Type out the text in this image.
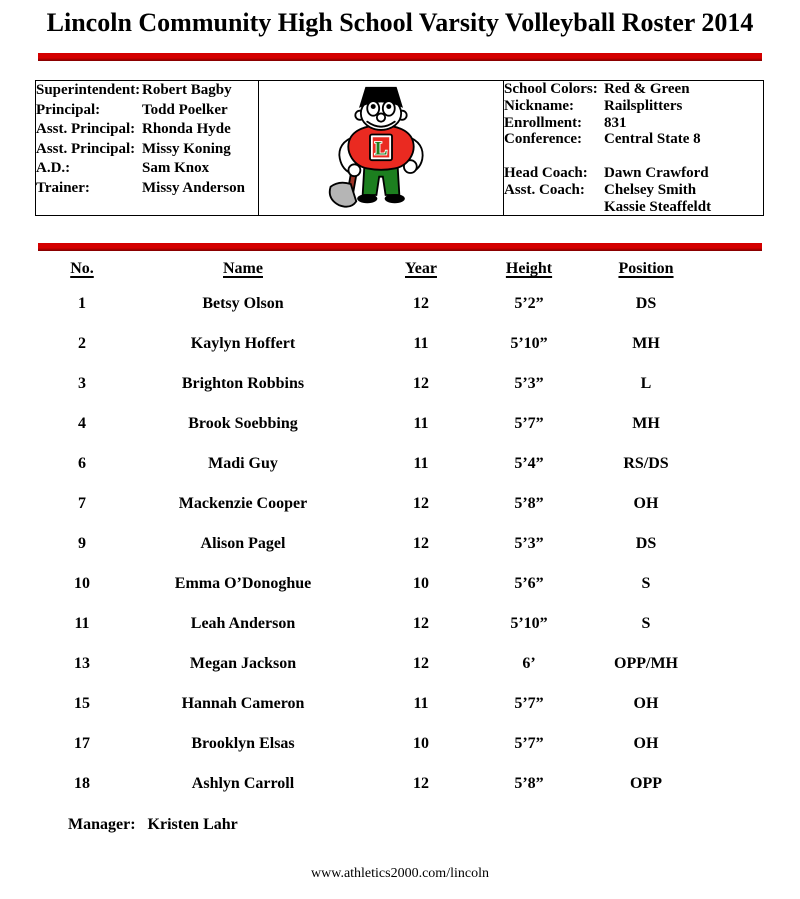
Lincoln Community High School Varsity Volleyball Roster 2014
Superintendent: Robert Bagby
Principal:	Todd Poelker
Asst. Principal: Rhonda Hyde
Asst. Principal: Missy Koning
A.D.:	Sam Knox
Trainer:	Missy Anderson

L

School Colors: Red & Green
Nickname:	Railsplitters
Enrollment:	831
Conference:	Central State 8
Head Coach:	Dawn Crawford
Asst. Coach:	Chelsey Smith
Kassie Steaffeldt
No.	Name	Year	Height	Position
1	Betsy Olson	12	5’2”	DS
2	Kaylyn Hoffert	11	5’10”	MH
3	Brighton Robbins	12	5’3”	L
4	Brook Soebbing	11	5’7”	MH
6	Madi Guy	11	5’4”	RS/DS
7	Mackenzie Cooper	12	5’8”	OH
9	Alison Pagel	12	5’3”	DS
10	Emma O’Donoghue	10	5’6”	S
11	Leah Anderson	12	5’10”	S
13	Megan Jackson	12	6’	OPP/MH
15	Hannah Cameron	11	5’7”	OH
17	Brooklyn Elsas	10	5’7”	OH
18	Ashlyn Carroll	12	5’8”	OPP
Manager: Kristen Lahr
www.athletics2000.com/lincoln
